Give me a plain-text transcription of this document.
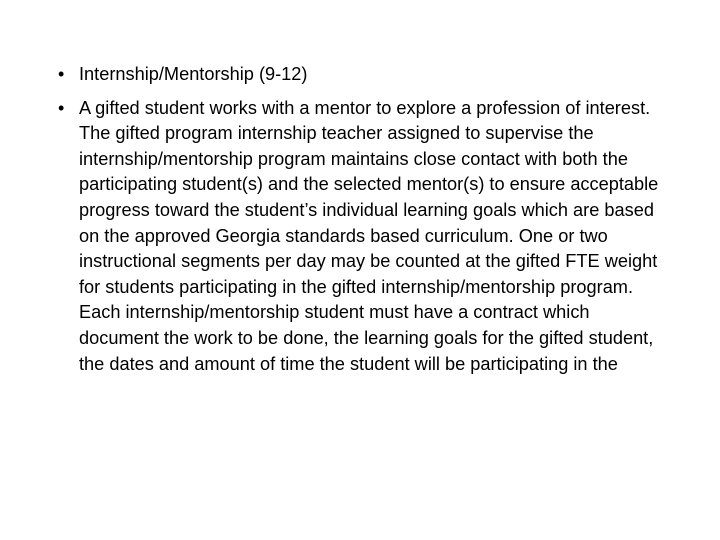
• Internship/Mentorship (9-12)
• A gifted student works with a mentor to explore a profession of interest. The gifted program internship teacher assigned to supervise the internship/mentorship program maintains close contact with both the participating student(s) and the selected mentor(s) to ensure acceptable progress toward the student’s individual learning goals which are based on the approved Georgia standards based curriculum. One or two instructional segments per day may be counted at the gifted FTE weight for students participating in the gifted internship/mentorship program. Each internship/mentorship student must have a contract which document the work to be done, the learning goals for the gifted student, the dates and amount of time the student will be participating in the
